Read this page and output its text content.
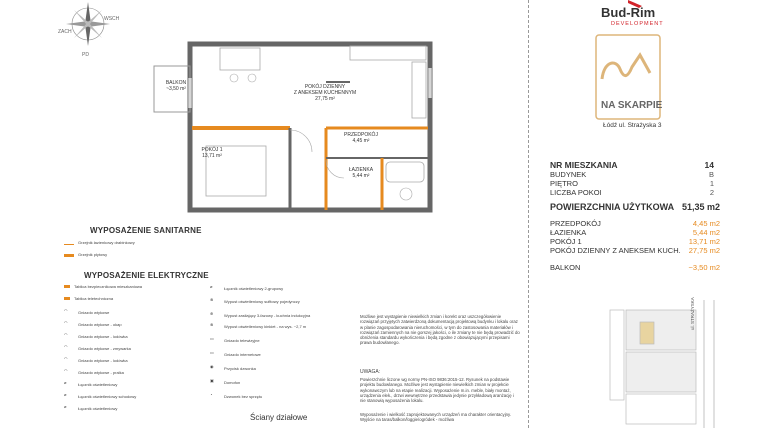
WSCH
ZACH
PD
BALKON
~3,50 m²	POKÓJ DZIENNY
Z ANEKSEM KUCHENNYM
27,75 m²
PRZEDPOKÓJ
4,45 m²
POKÓJ 1
13,71 m²
ŁAZIENKA
5,44 m²
WYPOSAŻENIE SANITARNE
Grzejnik łazienkowy drabinkowy
Grzejnik płytowy
WYPOSAŻENIE ELEKTRYCZNE
Tablica bezpiecznikowa mieszkaniowa
Tablica teletechniczna
◠	Gniazdo wtykowe
◠	Gniazdo wtykowe - okap
◠	Gniazdo wtykowe - lodówka
◠	Gniazdo wtykowe - zmywarka
◠	Gniazdo wtykowe - lodówka
◠	Gniazdo wtykowe - pralka
⌀	Łącznik oświetleniowy
⌀	Łącznik oświetleniowy schodowy
⌀	Łącznik oświetleniowy
⌀	Łącznik oświetleniowy 2-grupowy
⊗	Wypust oświetleniowy sufitowy pojedynczy
⊕	Wypust zasilający 3-fazowy - kuchnia indukcyjna
⊗	Wypust oświetleniowy kinkiet - na wys. ~2,7 m
▭	Gniazdo telewizyjne
▭	Gniazdo internetowe
◉	Przycisk dzwonka
▣	Domofon
◔	Dzwonek bez sprzętu
Ściany działowe
Możliwe jest wystąpienie niewielkich zmian i korekt oraz uszczegółowienie rozwiązań przyjętych zatwierdzoną dokumentacją projektową budynku i lokalu oraz w planie zagospodarowania nieruchomości, w tym do zastosowania materiałów i rozwiązań zamiennych na nie gorszej jakości, o ile zmiany te nie będą prowadzić do obniżenia standardu wykończenia i będą zgodne z obowiązującymi przepisami prawa budowlanego.
UWAGA:
Powierzchnie liczone wg normy PN-ISO 9836:2015-12. Rysunek na podstawie projektu budowlanego. Możliwe jest wystąpienie niewielkich zmian w projekcie wykonawczym lub na etapie realizacji. Wyposażenie m.in. meble, biały montaż, urządzenia elek., drzwi wewnętrzne przedstawia jedynie przykładową aranżację i nie stanowią wyposażenia lokalu.
Wyposażenie i wielkość zaprojektowanych urządzeń ma charakter orientacyjny. Wyjście na taras/balkon/loggie/ogródek - możliwa
Bud-Rim
DEVELOPMENT
NA SKARPIE
Łódź ul. Strażyska 3
NR MIESZKANIA	14
BUDYNEK	B
PIĘTRO	1
LICZBA POKOI	2
POWIERZCHNIA UŻYTKOWA 51,35 m2
PRZEDPOKÓJ	4,45 m2
ŁAZIENKA	5,44 m2
POKÓJ 1	13,71 m2
POKÓJ DZIENNY Z ANEKSEM KUCH. 27,75 m2
BALKON	~3,50 m2
ul. STRAŻYSKA
